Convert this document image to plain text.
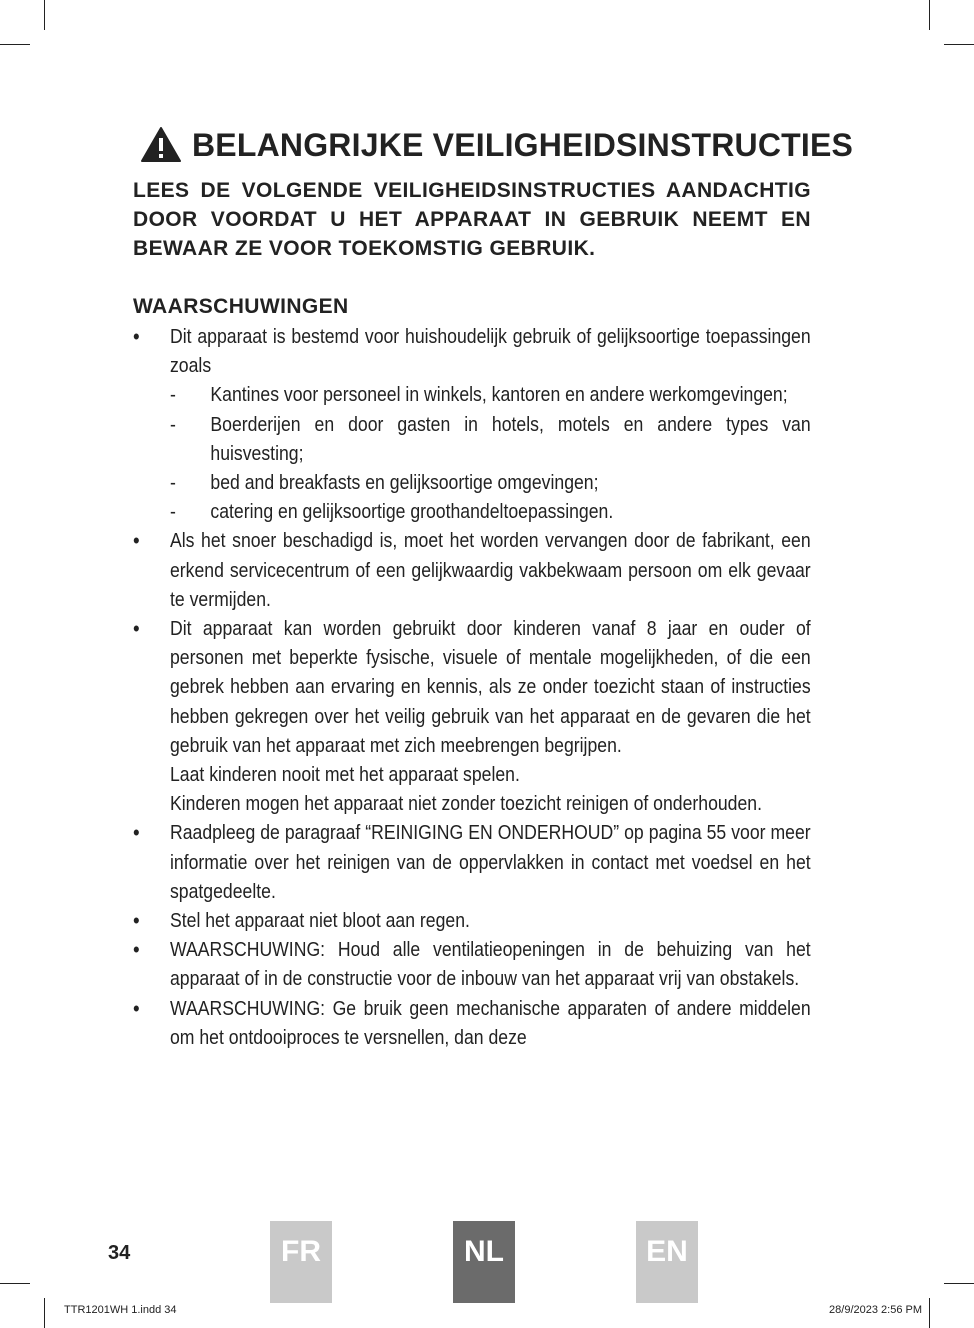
BELANGRIJKE VEILIGHEIDSINSTRUCTIES
LEES DE VOLGENDE VEILIGHEIDSINSTRUCTIES AANDACHTIG DOOR VOORDAT U HET APPARAAT IN GEBRUIK NEEMT EN BEWAAR ZE VOOR TOEKOMSTIG GEBRUIK.
WAARSCHUWINGEN
•	Dit apparaat is bestemd voor huishoudelijk gebruik of gelijksoortige toepassingen zoals
-	Kantines voor personeel in winkels, kantoren en andere werkomgevingen;
-	Boerderijen en door gasten in hotels, motels en andere types van huisvesting;
-	bed and breakfasts en gelijksoortige omgevingen;
-	catering en gelijksoortige groothandeltoepassingen.
•	Als het snoer beschadigd is, moet het worden vervangen door de fabrikant, een erkend servicecentrum of een gelijkwaardig vakbekwaam persoon om elk gevaar te vermijden.
•	Dit apparaat kan worden gebruikt door kinderen vanaf 8 jaar en ouder of personen met beperkte fysische, visuele of mentale mogelijkheden, of die een gebrek hebben aan ervaring en kennis, als ze onder toezicht staan of instructies hebben gekregen over het veilig gebruik van het apparaat en de gevaren die het gebruik van het apparaat met zich meebrengen begrijpen.
Laat kinderen nooit met het apparaat spelen.
Kinderen mogen het apparaat niet zonder toezicht reinigen of onderhouden.
•	Raadpleeg de paragraaf “REINIGING EN ONDERHOUD” op pagina 55 voor meer informatie over het reinigen van de oppervlakken in contact met voedsel en het spatgedeelte.
•	Stel het apparaat niet bloot aan regen.
•	WAARSCHUWING: Houd alle ventilatieopeningen in de behuizing van het apparaat of in de constructie voor de inbouw van het apparaat vrij van obstakels.
•	WAARSCHUWING: Ge bruik geen mechanische apparaten of andere middelen om het ontdooiproces te versnellen, dan deze
34	FR	NL	EN
TTR1201WH 1.indd 34	28/9/2023 2:56 PM
